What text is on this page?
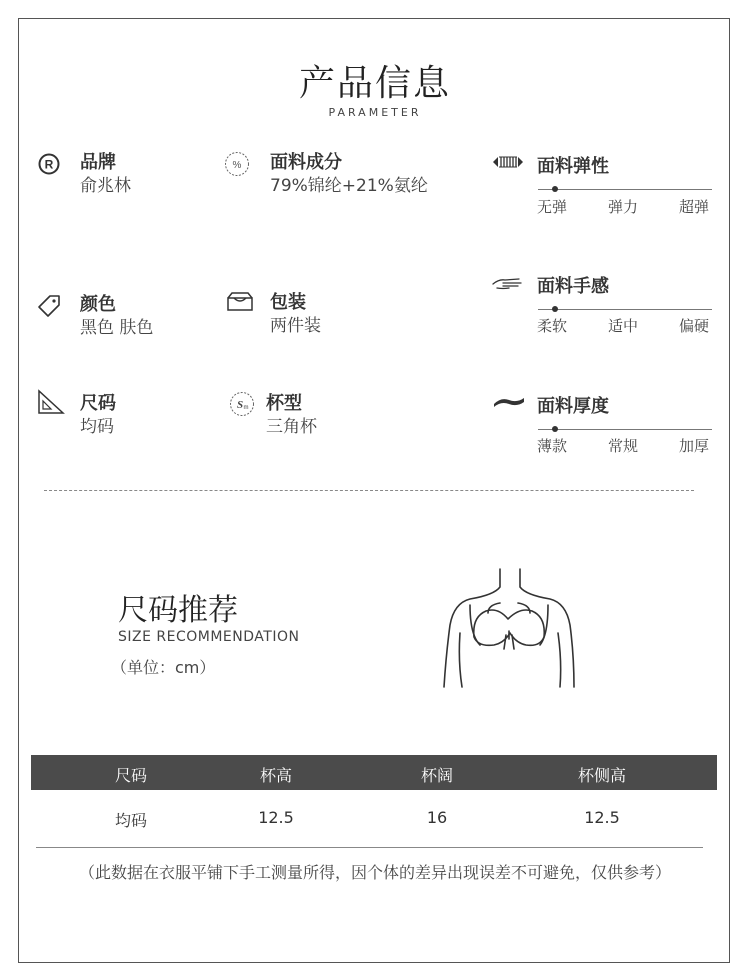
产品信息
PARAMETER
R 品牌
俞兆林
% 面料成分
79%锦纶+21%氨纶
颜色
黑色 肤色
包装
两件装
尺码
均码
S m 杯型
三角杯
面料弹性
无弹	弹力	超弹
面料手感
柔软	适中	偏硬
面料厚度
薄款	常规	加厚
尺码推荐
SIZE RECOMMENDATION
（单位：cm）
尺码	杯高	杯阔	杯侧高
均码	12.5	16	12.5
（此数据在衣服平铺下手工测量所得，因个体的差异出现误差不可避免，仅供参考）
